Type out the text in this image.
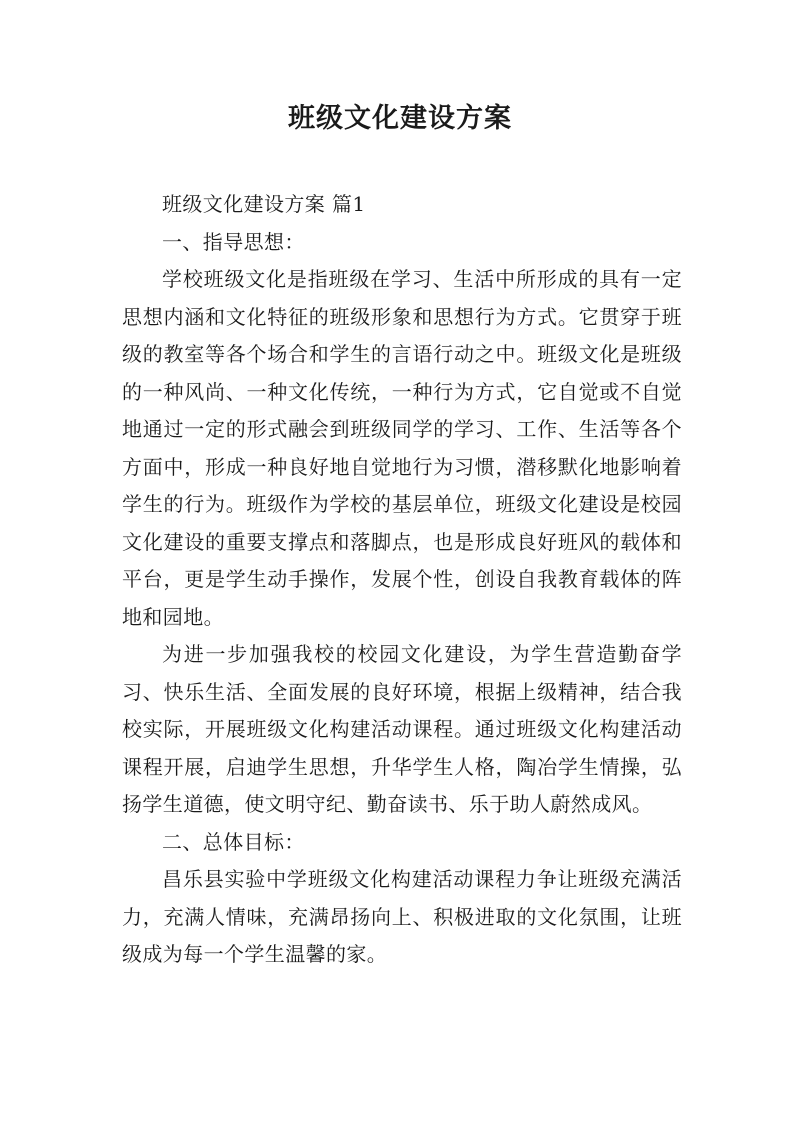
班级文化建设方案

班级文化建设方案 篇1

一、指导思想：

学校班级文化是指班级在学习、生活中所形成的具有一定思想内涵和文化特征的班级形象和思想行为方式。它贯穿于班级的教室等各个场合和学生的言语行动之中。班级文化是班级的一种风尚、一种文化传统，一种行为方式，它自觉或不自觉地通过一定的形式融会到班级同学的学习、工作、生活等各个方面中，形成一种良好地自觉地行为习惯，潜移默化地影响着学生的行为。班级作为学校的基层单位，班级文化建设是校园文化建设的重要支撑点和落脚点，也是形成良好班风的载体和平台，更是学生动手操作，发展个性，创设自我教育载体的阵地和园地。

为进一步加强我校的校园文化建设，为学生营造勤奋学习、快乐生活、全面发展的良好环境，根据上级精神，结合我校实际，开展班级文化构建活动课程。通过班级文化构建活动课程开展，启迪学生思想，升华学生人格，陶冶学生情操，弘扬学生道德，使文明守纪、勤奋读书、乐于助人蔚然成风。

二、总体目标：

昌乐县实验中学班级文化构建活动课程力争让班级充满活力，充满人情味，充满昂扬向上、积极进取的文化氛围，让班级成为每一个学生温馨的家。
